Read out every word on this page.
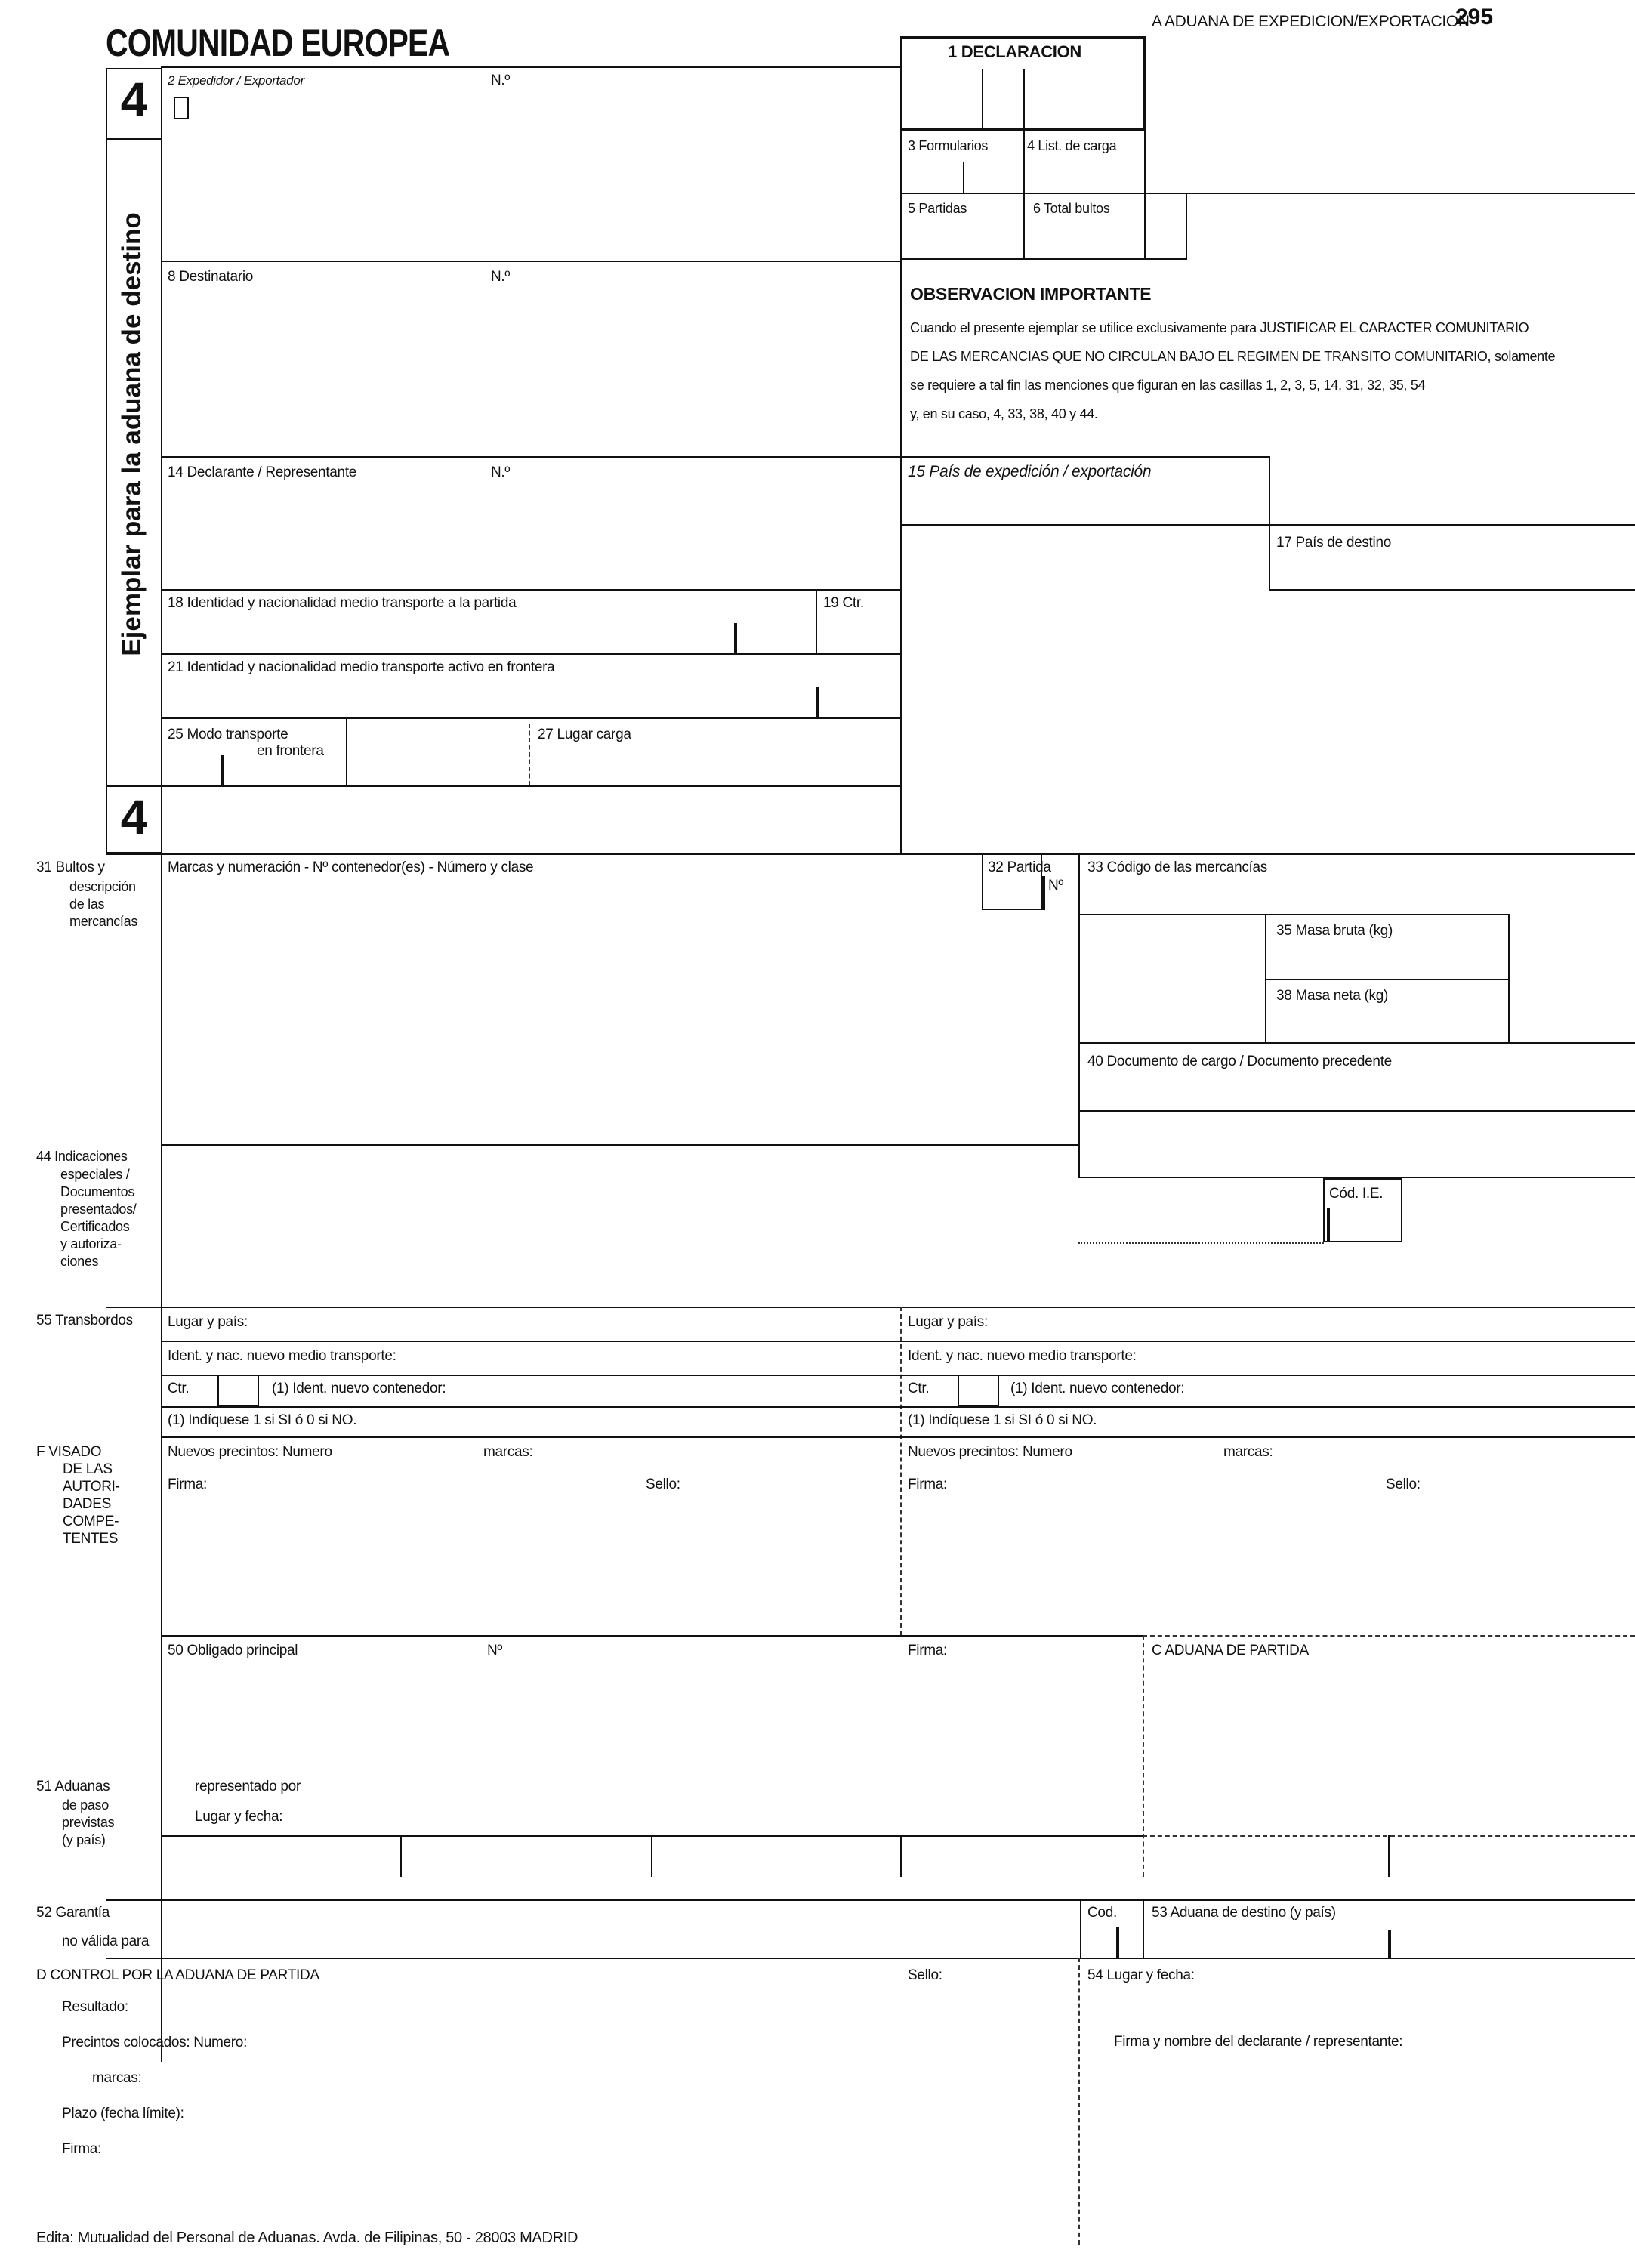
COMUNIDAD EUROPEA
A ADUANA DE EXPEDICION/EXPORTACION
295
4
Ejemplar para la aduana de destino
4
2 Expedidor / Exportador	N.º
1 DECLARACION
3 Formularios	4 List. de carga
5 Partidas	6 Total bultos
OBSERVACION IMPORTANTE
Cuando el presente ejemplar se utilice exclusivamente para JUSTIFICAR EL CARACTER COMUNITARIO
DE LAS MERCANCIAS QUE NO CIRCULAN BAJO EL REGIMEN DE TRANSITO COMUNITARIO, solamente
se requiere a tal fin las menciones que figuran en las casillas 1, 2, 3, 5, 14, 31, 32, 35, 54
y, en su caso, 4, 33, 38, 40 y 44.
8 Destinatario	N.º
14 Declarante / Representante	N.º	15 País de expedición / exportación
17 País de destino
18 Identidad y nacionalidad medio transporte a la partida	19 Ctr.
21 Identidad y nacionalidad medio transporte activo en frontera
25 Modo transporte
en frontera
27 Lugar carga
31 Bultos y
descripción
de las
mercancías
Marcas y numeración - Nº contenedor(es) - Número y clase	32 Partida
Nº
33 Código de las mercancías
35 Masa bruta (kg)
38 Masa neta (kg)
40 Documento de cargo / Documento precedente
44 Indicaciones
especiales /
Documentos
presentados/
Certificados
y autoriza-
ciones
Cód. I.E.
55 Transbordos Lugar y país:	Lugar y país:
Ident. y nac. nuevo medio transporte:	Ident. y nac. nuevo medio transporte:
Ctr.	(1) Ident. nuevo contenedor:	Ctr.	(1) Ident. nuevo contenedor:
(1) Indíquese 1 si SI ó 0 si NO.	(1) Indíquese 1 si SI ó 0 si NO.
F VISADO
DE LAS
AUTORI-
DADES
COMPE-
TENTES
Nuevos precintos: Numero	marcas:
Firma:	Sello:
Nuevos precintos: Numero	marcas:
Firma:	Sello:
50 Obligado principal	Nº	Firma:	C ADUANA DE PARTIDA
representado por
Lugar y fecha:
51 Aduanas
de paso
previstas
(y país)
52 Garantía
no válida para
Cod. 53 Aduana de destino (y país)
D CONTROL POR LA ADUANA DE PARTIDA	Sello:
Resultado:
Precintos colocados: Numero:
marcas:
Plazo (fecha límite):
Firma:
54 Lugar y fecha:
Firma y nombre del declarante / representante:
Edita: Mutualidad del Personal de Aduanas. Avda. de Filipinas, 50 - 28003 MADRID
